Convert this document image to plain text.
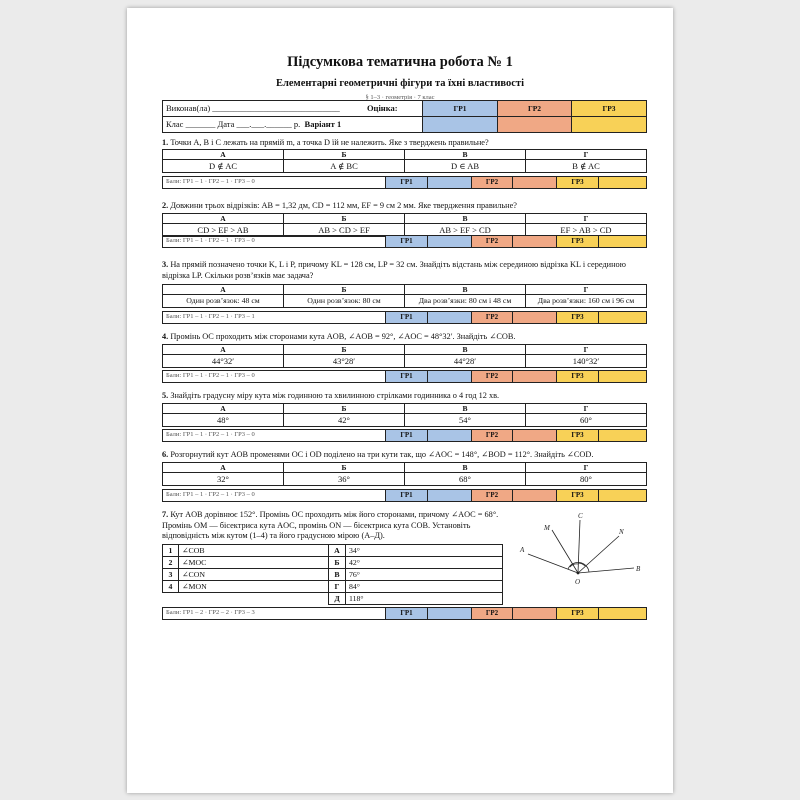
Підсумкова тематична робота № 1
Елементарні геометричні фігури та їхні властивості
§ 1–3 · геометрія · 7 клас
Виконав(ла) ______________________________	Оцінка:	ГР1	ГР2	ГР3
Клас _______ Дата ___.___.______ р. Варіант 1				
1. Точки A, B і C лежать на прямій m, а точка D їй не належить. Яке з тверджень правильне?
А	Б	В	Г
D ∉ AC	A ∉ BC	D ∈ AB	B ∉ AC
Бали: ГР1 – 1 · ГР2 – 1 · ГР3 – 0	ГР1		ГР2		ГР3	
2. Довжини трьох відрізків: AB = 1,32 дм, CD = 112 мм, EF = 9 см 2 мм. Яке твердження правильне?
А	Б	В	Г
CD > EF > AB	AB > CD > EF	AB > EF > CD	EF > AB > CD
Бали: ГР1 – 1 · ГР2 – 1 · ГР3 – 0	ГР1		ГР2		ГР3	
3. На прямій позначено точки K, L і P, причому KL = 128 см, LP = 32 см. Знайдіть відстань між серединою відрізка KL і серединою відрізка LP. Скільки розв’язків має задача?
А	Б	В	Г
Один розв’язок: 48 см	Один розв’язок: 80 см	Два розв’язки: 80 см і 48 см	Два розв’язки: 160 см і 96 см
Бали: ГР1 – 1 · ГР2 – 1 · ГР3 – 1	ГР1		ГР2		ГР3	
4. Промінь OC проходить між сторонами кута AOB, ∠AOB = 92°, ∠AOC = 48°32′. Знайдіть ∠COB.
А	Б	В	Г
44°32′	43°28′	44°28′	140°32′
Бали: ГР1 – 1 · ГР2 – 1 · ГР3 – 0	ГР1		ГР2		ГР3	
5. Знайдіть градусну міру кута між годинною та хвилинною стрілками годинника о 4 год 12 хв.
А	Б	В	Г
48°	42°	54°	60°
Бали: ГР1 – 1 · ГР2 – 1 · ГР3 – 0	ГР1		ГР2		ГР3	
6. Розгорнутий кут AOB променями OC і OD поділено на три кути так, що ∠AOC = 148°, ∠BOD = 112°. Знайдіть ∠COD.
А	Б	В	Г
32°	36°	68°	80°
Бали: ГР1 – 1 · ГР2 – 1 · ГР3 – 0	ГР1		ГР2		ГР3	
7. Кут AOB дорівнює 152°. Промінь OC проходить між його сторонами, причому ∠AOC = 68°. Промінь OM — бісектриса кута AOC, промінь ON — бісектриса кута COB. Установіть відповідність між кутом (1–4) та його градусною мірою (А–Д).
1	∠COB	А	34°
2	∠MOC	Б	42°
3	∠CON	В	76°
4	∠MON	Г	84°
		Д	118°
A
M
C
N
O
B
Бали: ГР1 – 2 · ГР2 – 2 · ГР3 – 3	ГР1		ГР2		ГР3	
